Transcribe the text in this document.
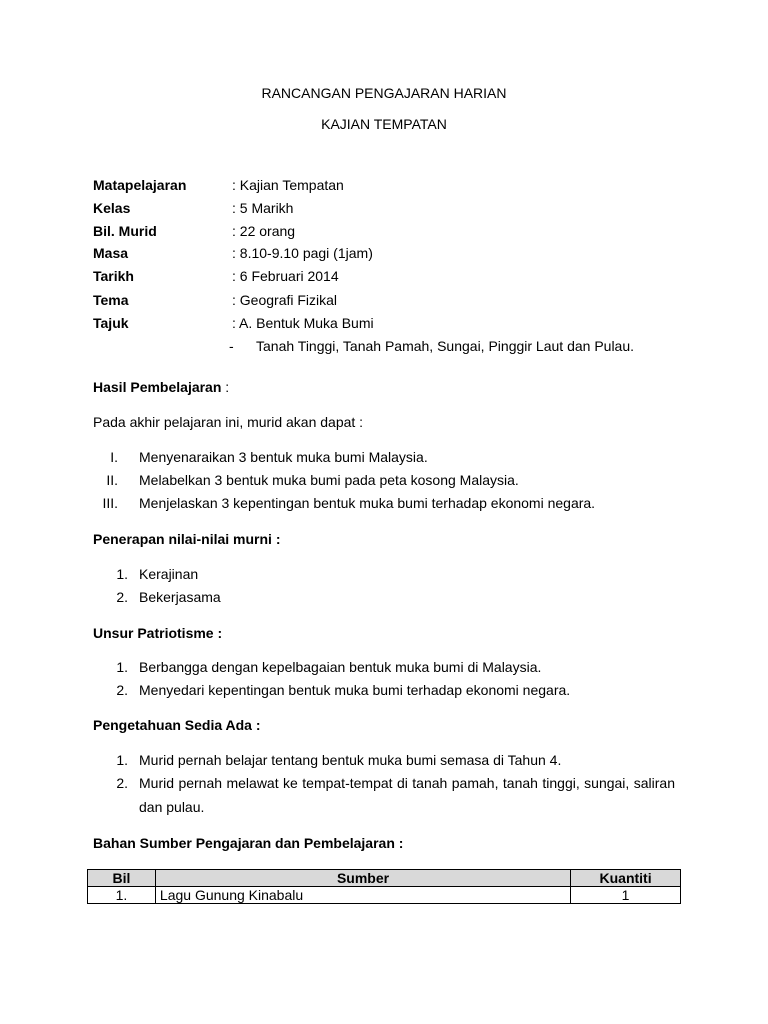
RANCANGAN PENGAJARAN HARIAN
KAJIAN TEMPATAN
Matapelajaran	: Kajian Tempatan
Kelas	: 5 Marikh
Bil. Murid	: 22 orang
Masa	: 8.10-9.10 pagi (1jam)
Tarikh	: 6 Februari 2014
Tema	: Geografi Fizikal
Tajuk	: A. Bentuk Muka Bumi
- Tanah Tinggi, Tanah Pamah, Sungai, Pinggir Laut dan Pulau.
Hasil Pembelajaran :
Pada akhir pelajaran ini, murid akan dapat :
I. Menyenaraikan 3 bentuk muka bumi Malaysia.
II. Melabelkan 3 bentuk muka bumi pada peta kosong Malaysia.
III. Menjelaskan 3 kepentingan bentuk muka bumi terhadap ekonomi negara.
Penerapan nilai-nilai murni :
1. Kerajinan
2. Bekerjasama
Unsur Patriotisme :
1. Berbangga dengan kepelbagaian bentuk muka bumi di Malaysia.
2. Menyedari kepentingan bentuk muka bumi terhadap ekonomi negara.
Pengetahuan Sedia Ada :
1. Murid pernah belajar tentang bentuk muka bumi semasa di Tahun 4.
2. Murid pernah melawat ke tempat-tempat di tanah pamah, tanah tinggi, sungai, saliran dan pulau.
Bahan Sumber Pengajaran dan Pembelajaran :
Bil	Sumber	Kuantiti
1.	Lagu Gunung Kinabalu	1
